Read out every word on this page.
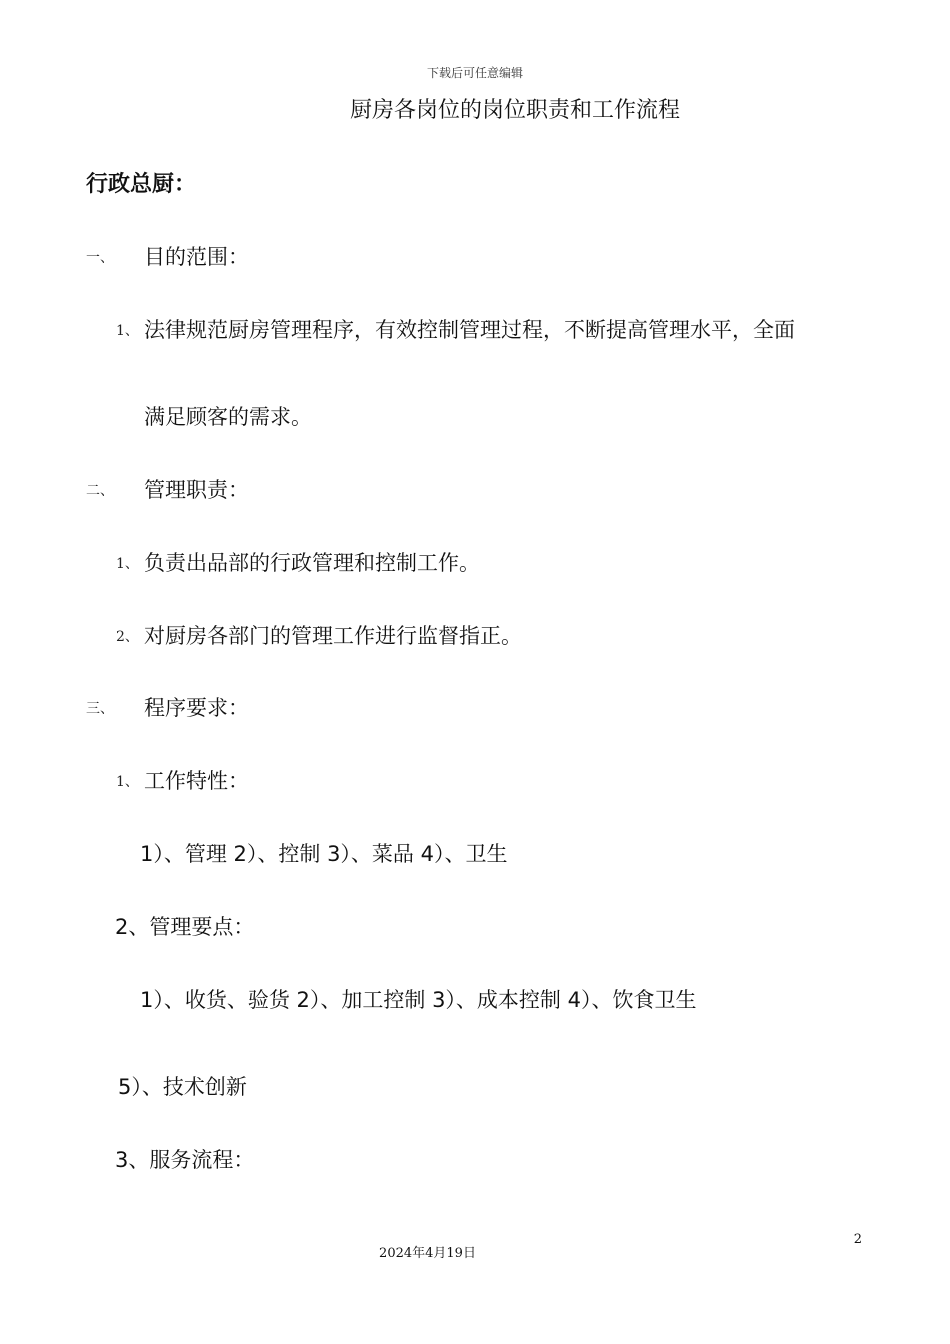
下载后可任意编辑
厨房各岗位的岗位职责和工作流程
行政总厨：
一、 目的范围：
1、 法律规范厨房管理程序，有效控制管理过程，不断提高管理水平，全面
满足顾客的需求。
二、 管理职责：
1、 负责出品部的行政管理和控制工作。
2、 对厨房各部门的管理工作进行监督指正。
三、 程序要求：
1、 工作特性：
1）、管理 2）、控制 3）、菜品 4）、卫生
2、管理要点：
1）、收货、验货 2）、加工控制 3）、成本控制 4）、饮食卫生
5）、技术创新
3、服务流程：
2
2024年4月19日
